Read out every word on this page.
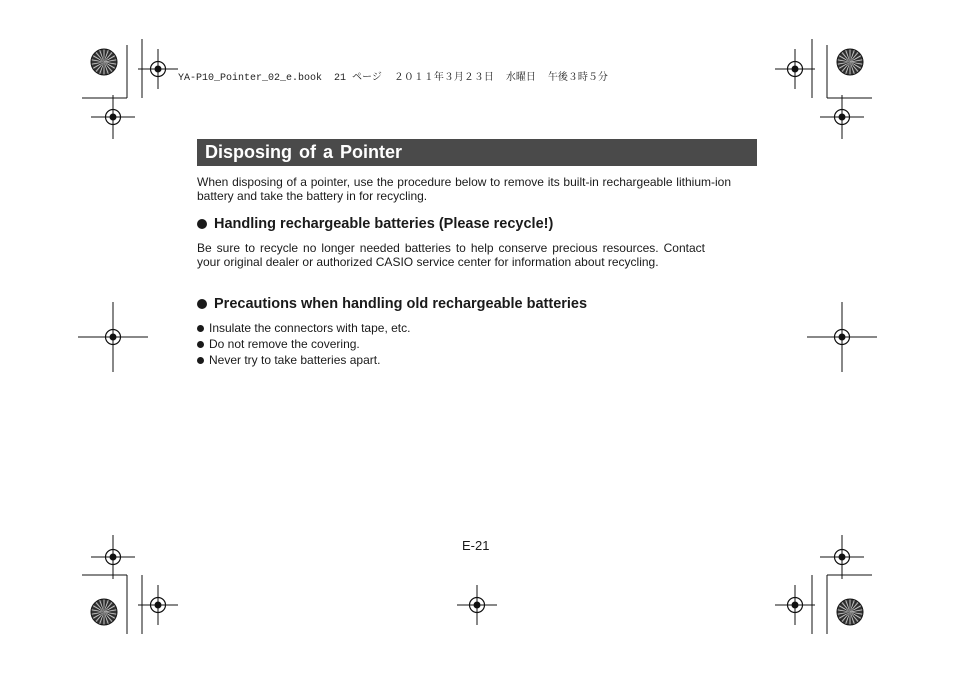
YA-P10_Pointer_02_e.book  21 ページ  ２０１１年３月２３日  水曜日  午後３時５分
Disposing of a Pointer
When disposing of a pointer, use the procedure below to remove its built-in rechargeable lithium-ion battery and take the battery in for recycling.
Handling rechargeable batteries (Please recycle!)
Be sure to recycle no longer needed batteries to help conserve precious resources. Contact your original dealer or authorized CASIO service center for information about recycling.
Precautions when handling old rechargeable batteries
Insulate the connectors with tape, etc.
Do not remove the covering.
Never try to take batteries apart.
E-21
